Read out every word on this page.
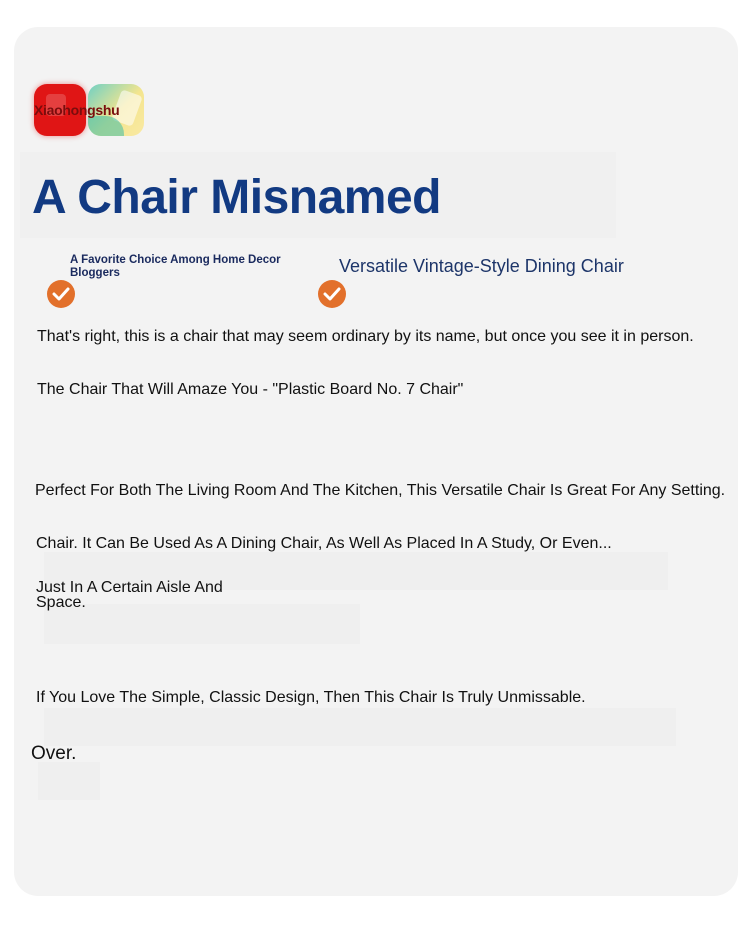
Xiaohongshu
A Chair Misnamed
A Favorite Choice Among Home Decor Bloggers	Versatile Vintage-Style Dining Chair

That's right, this is a chair that may seem ordinary by its name, but once you see it in person.

The Chair That Will Amaze You - "Plastic Board No. 7 Chair"

Perfect For Both The Living Room And The Kitchen, This Versatile Chair Is Great For Any Setting.

Chair. It Can Be Used As A Dining Chair, As Well As Placed In A Study, Or Even...

Just In A Certain Aisle And

Space.

If You Love The Simple, Classic Design, Then This Chair Is Truly Unmissable.

Over.
